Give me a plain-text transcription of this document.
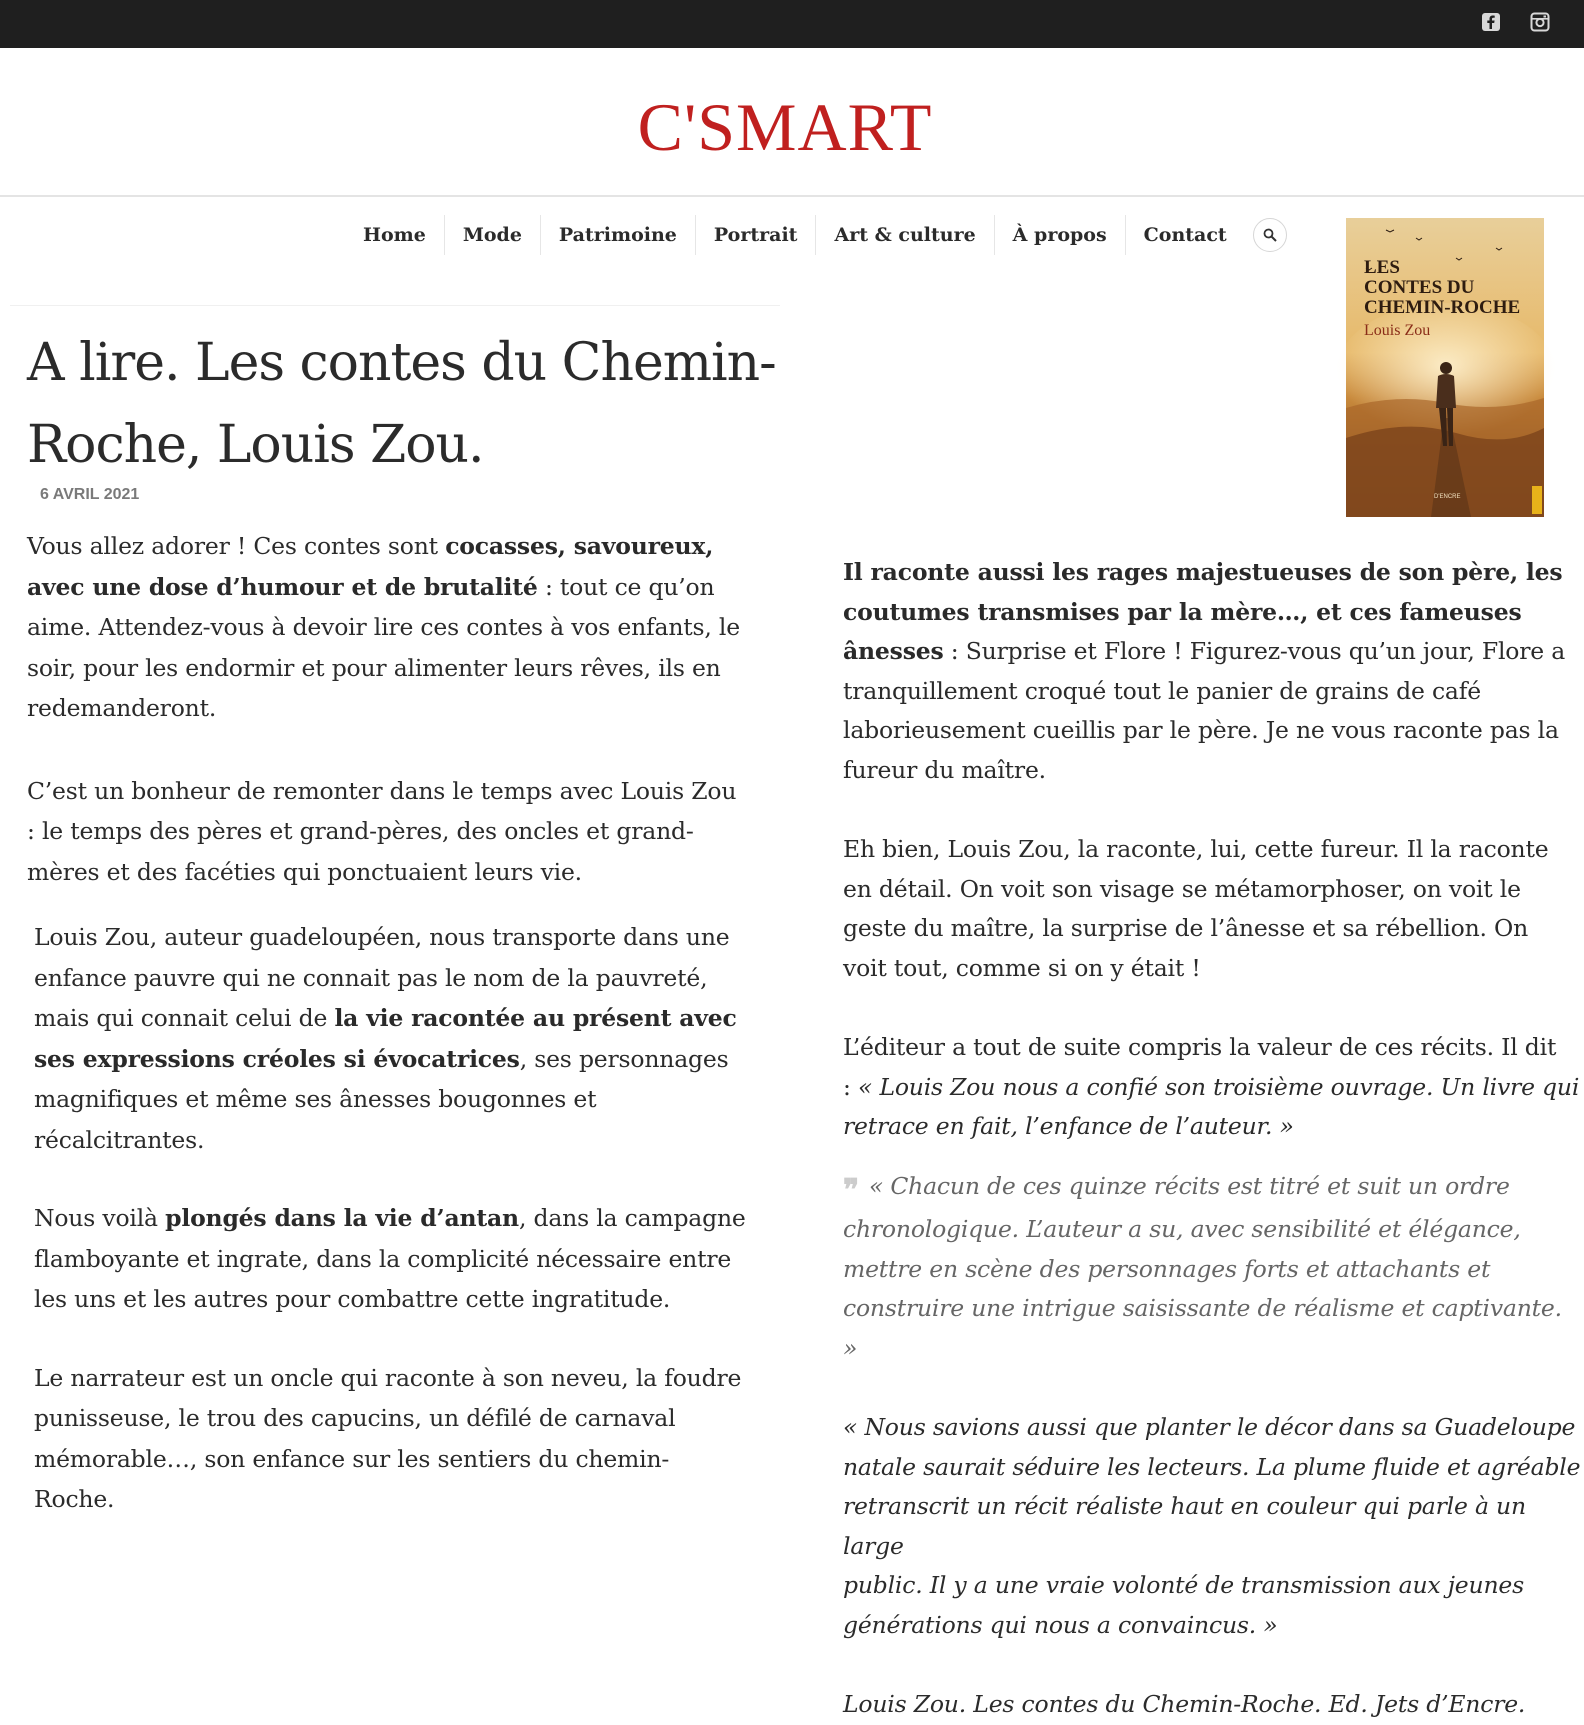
C'SMART
Home	Mode	Patrimoine	Portrait	Art & culture	À propos	Contact
A lire. Les contes du Chemin-
Roche, Louis Zou.
6 AVRIL 2021
LES
CONTES DU
CHEMIN-ROCHE
Louis Zou
D'ENCRE

Vous allez adorer ! Ces contes sont cocasses, savoureux,
avec une dose d’humour et de brutalité : tout ce qu’on
aime. Attendez-vous à devoir lire ces contes à vos enfants, le
soir, pour les endormir et pour alimenter leurs rêves, ils en
redemanderont.

C’est un bonheur de remonter dans le temps avec Louis Zou
: le temps des pères et grand-pères, des oncles et grand-
mères et des facéties qui ponctuaient leurs vie.

Louis Zou, auteur guadeloupéen, nous transporte dans une
enfance pauvre qui ne connait pas le nom de la pauvreté,
mais qui connait celui de la vie racontée au présent avec
ses expressions créoles si évocatrices, ses personnages
magnifiques et même ses ânesses bougonnes et
récalcitrantes.

Nous voilà plongés dans la vie d’antan, dans la campagne
flamboyante et ingrate, dans la complicité nécessaire entre
les uns et les autres pour combattre cette ingratitude.

Le narrateur est un oncle qui raconte à son neveu, la foudre
punisseuse, le trou des capucins, un défilé de carnaval
mémorable…, son enfance sur les sentiers du chemin-
Roche.

Il raconte aussi les rages majestueuses de son père, les
coutumes transmises par la mère…, et ces fameuses
ânesses : Surprise et Flore ! Figurez-vous qu’un jour, Flore a
tranquillement croqué tout le panier de grains de café
laborieusement cueillis par le père. Je ne vous raconte pas la
fureur du maître.

Eh bien, Louis Zou, la raconte, lui, cette fureur. Il la raconte
en détail. On voit son visage se métamorphoser, on voit le
geste du maître, la surprise de l’ânesse et sa rébellion. On
voit tout, comme si on y était !

L’éditeur a tout de suite compris la valeur de ces récits. Il dit
: « Louis Zou nous a confié son troisième ouvrage. Un livre qui
retrace en fait, l’enfance de l’auteur. »

❞ « Chacun de ces quinze récits est titré et suit un ordre
chronologique. L’auteur a su, avec sensibilité et élégance,
mettre en scène des personnages forts et attachants et
construire une intrigue saisissante de réalisme et captivante. »

« Nous savions aussi que planter le décor dans sa Guadeloupe
natale saurait séduire les lecteurs. La plume fluide et agréable
retranscrit un récit réaliste haut en couleur qui parle à un large
public. Il y a une vraie volonté de transmission aux jeunes
générations qui nous a convaincus. »

Louis Zou. Les contes du Chemin-Roche. Ed. Jets d’Encre.
